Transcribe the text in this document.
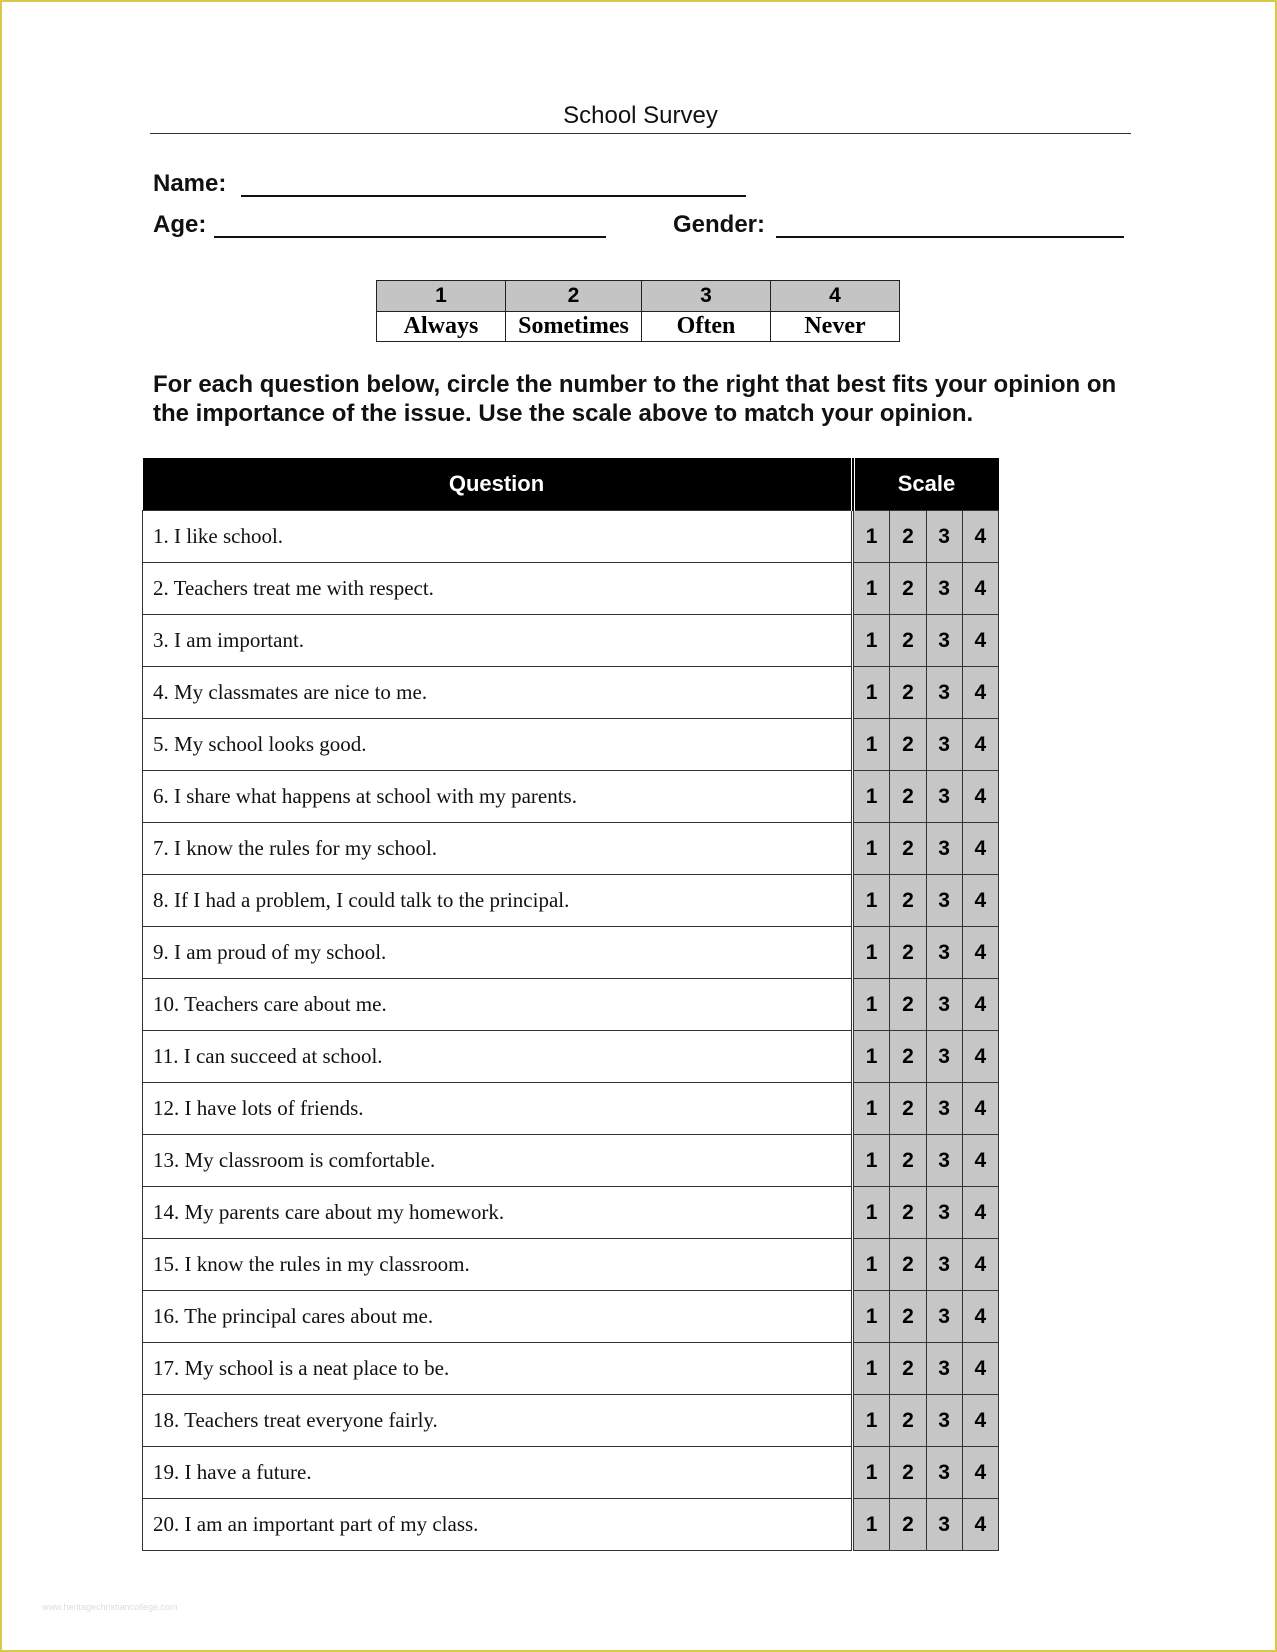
School Survey
Name:
Age:	Gender:
1	2	3	4
Always	Sometimes	Often	Never
For each question below, circle the number to the right that best fits your opinion on the importance of the issue. Use the scale above to match your opinion.
Question	Scale			
1. I like school.	1	2	3	4
2. Teachers treat me with respect.	1	2	3	4
3. I am important.	1	2	3	4
4. My classmates are nice to me.	1	2	3	4
5. My school looks good.	1	2	3	4
6. I share what happens at school with my parents.	1	2	3	4
7. I know the rules for my school.	1	2	3	4
8. If I had a problem, I could talk to the principal.	1	2	3	4
9. I am proud of my school.	1	2	3	4
10. Teachers care about me.	1	2	3	4
11. I can succeed at school.	1	2	3	4
12. I have lots of friends.	1	2	3	4
13. My classroom is comfortable.	1	2	3	4
14. My parents care about my homework.	1	2	3	4
15. I know the rules in my classroom.	1	2	3	4
16. The principal cares about me.	1	2	3	4
17. My school is a neat place to be.	1	2	3	4
18. Teachers treat everyone fairly.	1	2	3	4
19. I have a future.	1	2	3	4
20. I am an important part of my class.	1	2	3	4
www.heritagechristiancollege.com
